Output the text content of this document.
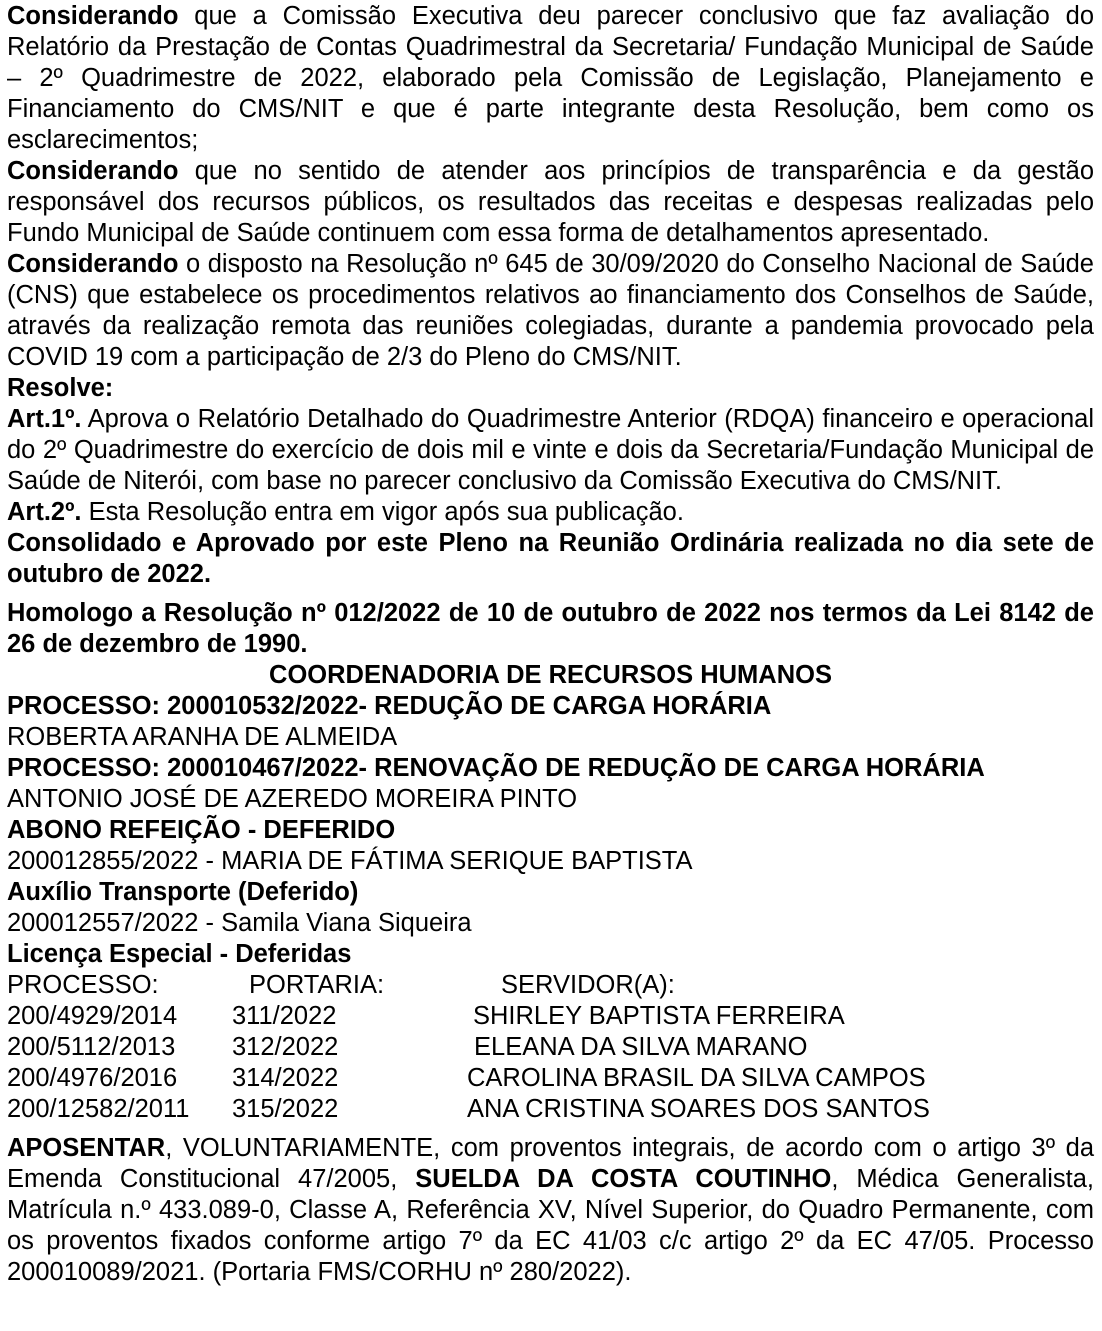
Considerando que a Comissão Executiva deu parecer conclusivo que faz avaliação do Relatório da Prestação de Contas Quadrimestral da Secretaria/ Fundação Municipal de Saúde – 2º Quadrimestre de 2022, elaborado pela Comissão de Legislação, Planejamento e Financiamento do CMS/NIT e que é parte integrante desta Resolução, bem como os esclarecimentos;

Considerando que no sentido de atender aos princípios de transparência e da gestão responsável dos recursos públicos, os resultados das receitas e despesas realizadas pelo Fundo Municipal de Saúde continuem com essa forma de detalhamentos apresentado.

Considerando o disposto na Resolução nº 645 de 30/09/2020 do Conselho Nacional de Saúde (CNS) que estabelece os procedimentos relativos ao financiamento dos Conselhos de Saúde, através da realização remota das reuniões colegiadas, durante a pandemia provocado pela COVID 19 com a participação de 2/3 do Pleno do CMS/NIT.

Resolve:

Art.1º. Aprova o Relatório Detalhado do Quadrimestre Anterior (RDQA) financeiro e operacional do 2º Quadrimestre do exercício de dois mil e vinte e dois da Secretaria/Fundação Municipal de Saúde de Niterói, com base no parecer conclusivo da Comissão Executiva do CMS/NIT.

Art.2º. Esta Resolução entra em vigor após sua publicação.

Consolidado e Aprovado por este Pleno na Reunião Ordinária realizada no dia sete de outubro de 2022.

Homologo a Resolução nº 012/2022 de 10 de outubro de 2022 nos termos da Lei 8142 de 26 de dezembro de 1990.

COORDENADORIA DE RECURSOS HUMANOS

PROCESSO: 200010532/2022- REDUÇÃO DE CARGA HORÁRIA

ROBERTA ARANHA DE ALMEIDA

PROCESSO: 200010467/2022- RENOVAÇÃO DE REDUÇÃO DE CARGA HORÁRIA

ANTONIO JOSÉ DE AZEREDO MOREIRA PINTO

ABONO REFEIÇÃO - DEFERIDO

200012855/2022 - MARIA DE FÁTIMA SERIQUE BAPTISTA

Auxílio Transporte (Deferido)

200012557/2022 - Samila Viana Siqueira

Licença Especial - Deferidas

PROCESSO:	PORTARIA:	SERVIDOR(A):
200/4929/2014	311/2022	SHIRLEY BAPTISTA FERREIRA
200/5112/2013	312/2022	ELEANA DA SILVA MARANO
200/4976/2016	314/2022	CAROLINA BRASIL DA SILVA CAMPOS
200/12582/2011	315/2022	ANA CRISTINA SOARES DOS SANTOS

APOSENTAR, VOLUNTARIAMENTE, com proventos integrais, de acordo com o artigo 3º da Emenda Constitucional 47/2005, SUELDA DA COSTA COUTINHO, Médica Generalista, Matrícula n.º 433.089-0, Classe A, Referência XV, Nível Superior, do Quadro Permanente, com os proventos fixados conforme artigo 7º da EC 41/03 c/c artigo 2º da EC 47/05. Processo 200010089/2021. (Portaria FMS/CORHU nº 280/2022).
